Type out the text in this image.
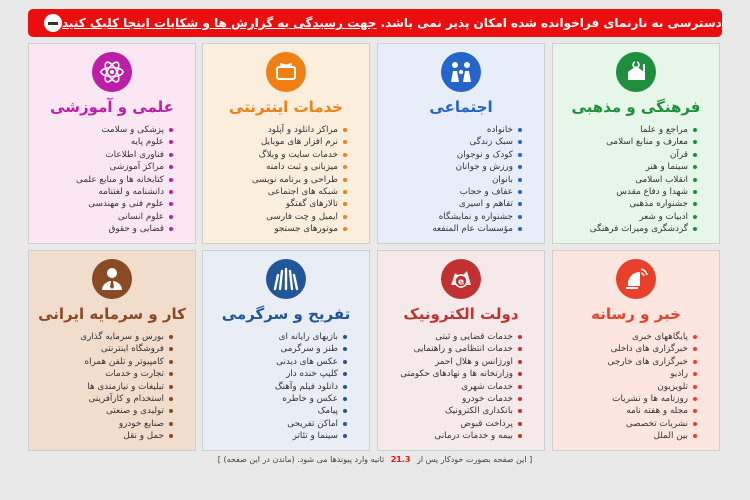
دسترسی به نارنمای فراخوانده شده امکان پذیر نمی باشد. جهت رسیدگی به گزارش ها و شکایات اینجا کلیک کنید
فرهنگی و مذهبی
مراجع و علما
معارف و منابع اسلامی
قرآن
سینما و هنر
انقلاب اسلامی
شهدا و دفاع مقدس
جشنواره مذهبی
ادبیات و شعر
گردشگری ومیراث فرهنگی
اجتماعی
خانواده
سبک زندگی
کودک و نوجوان
ورزش و جوانان
بانوان
عفاف و حجاب
تفاهم و اسیری
جشنواره و نمایشگاه
مؤسسات عام المنفعه
خدمات اینترنتی
مراکز دانلود و آپلود
نرم افزار های موبایل
خدمات سایت و وبلاگ
میزبانی و ثبت دامنه
طراحی و برنامه نویسی
شبکه های اجتماعی
تالارهای گفتگو
ایمیل و چت فارسی
موتورهای جستجو
علمی و آموزشی
پزشکی و سلامت
علوم پایه
فناوری اطلاعات
مراکز آموزشی
کتابخانه ها و منابع علمی
دانشنامه و لغتنامه
علوم فنی و مهندسی
علوم انسانی
قضایی و حقوق
خبر و رسانه
پایگاههای خبری
خبرگزاری های داخلی
خبرگزاری های خارجی
رادیو
تلویزیون
روزنامه ها و نشریات
مجله و هفته نامه
نشریات تخصصی
بین الملل
e
دولت الکترونیک
خدمات قضایی و ثبتی
خدمات انتظامی و راهنمایی
اورژانس و هلال احمر
وزارتخانه ها و نهادهای حکومتی
خدمات شهری
خدمات خودرو
بانکداری الکترونیک
پرداخت قبوض
بیمه و خدمات درمانی
تفریح و سرگرمی
بازیهای رایانه ای
طنز و سرگرمی
عکس های دیدنی
کلیپ خنده دار
دانلود فیلم وآهنگ
عکس و خاطره
پیامک
اماکن تفریحی
سینما و تئاتر
کار و سرمایه ایرانی
بورس و سرمایه گذاری
فروشگاه اینترنتی
کامپیوتر و تلفن همراه
تجارت و خدمات
تبلیغات و نیازمندی ها
استخدام و کارآفرینی
تولیدی و صنعتی
صنایع خودرو
حمل و نقل
[ این صفحه بصورت خودکار پس از 21.3 ثانیه وارد پیوندها می شود. (ماندن در این صفحه) ]
